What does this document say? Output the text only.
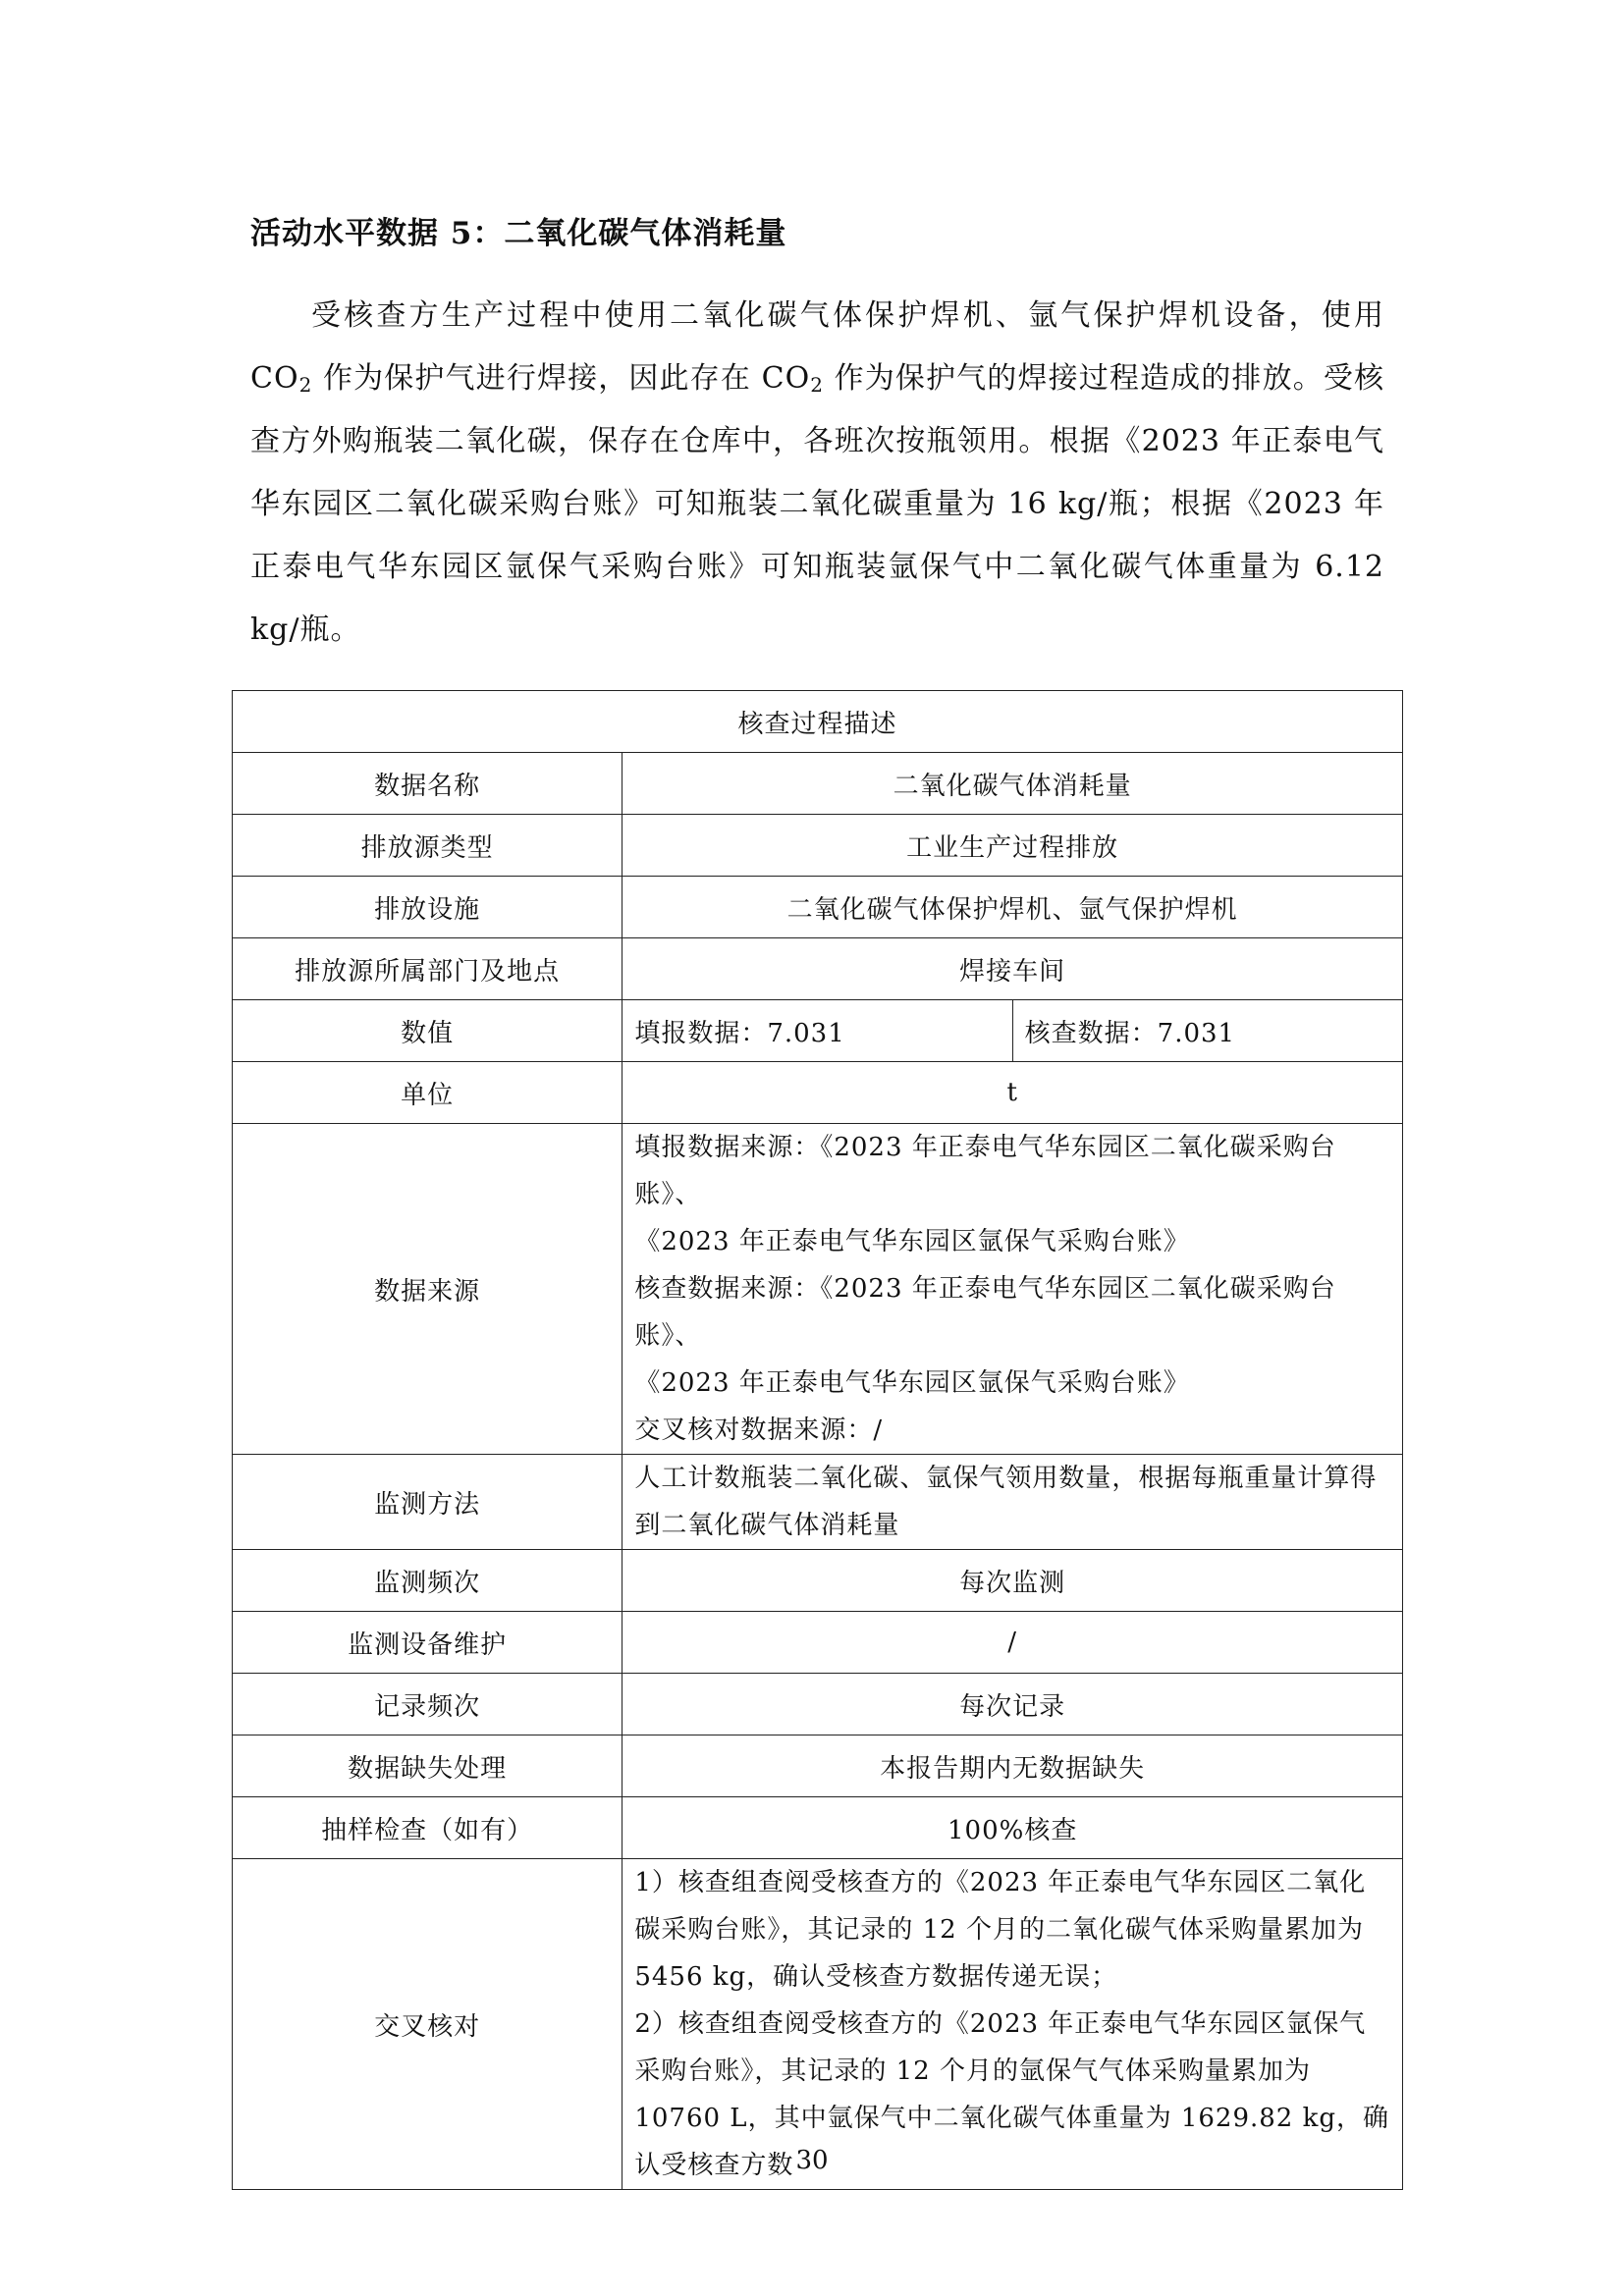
活动水平数据 5：二氧化碳气体消耗量

受核查方生产过程中使用二氧化碳气体保护焊机、氩气保护焊机设备，使用 $CO_2$ 作为保护气进行焊接，因此存在 $CO_2$ 作为保护气的焊接过程造成的排放。受核查方外购瓶装二氧化碳，保存在仓库中，各班次按瓶领用。根据《2023 年正泰电气华东园区二氧化碳采购台账》可知瓶装二氧化碳重量为 16 kg/瓶；根据《2023 年正泰电气华东园区氩保气采购台账》可知瓶装氩保气中二氧化碳气体重量为 6.12 kg/瓶。

核查过程描述		
数据名称	二氧化碳气体消耗量	
排放源类型	工业生产过程排放	
排放设施	二氧化碳气体保护焊机、氩气保护焊机	
排放源所属部门及地点	焊接车间	
数值	填报数据：7.031	核查数据：7.031
单位	t	
数据来源	填报数据来源：《2023 年正泰电气华东园区二氧化碳采购台账》、
《2023 年正泰电气华东园区氩保气采购台账》
核查数据来源：《2023 年正泰电气华东园区二氧化碳采购台账》、
《2023 年正泰电气华东园区氩保气采购台账》
交叉核对数据来源：/	

监测方法	人工计数瓶装二氧化碳、氩保气领用数量，根据每瓶重量计算得到二氧化碳气体消耗量	
监测频次	每次监测	
监测设备维护	/	
记录频次	每次记录	
数据缺失处理	本报告期内无数据缺失	
抽样检查（如有）	100%核查	
交叉核对	1）核查组查阅受核查方的《2023 年正泰电气华东园区二氧化碳采购台账》，其记录的 12 个月的二氧化碳气体采购量累加为 5456 kg，确认受核查方数据传递无误；
2）核查组查阅受核查方的《2023 年正泰电气华东园区氩保气采购台账》，其记录的 12 个月的氩保气气体采购量累加为 10760 L，其中氩保气中二氧化碳气体重量为 1629.82 kg，确认受核查方数	30
